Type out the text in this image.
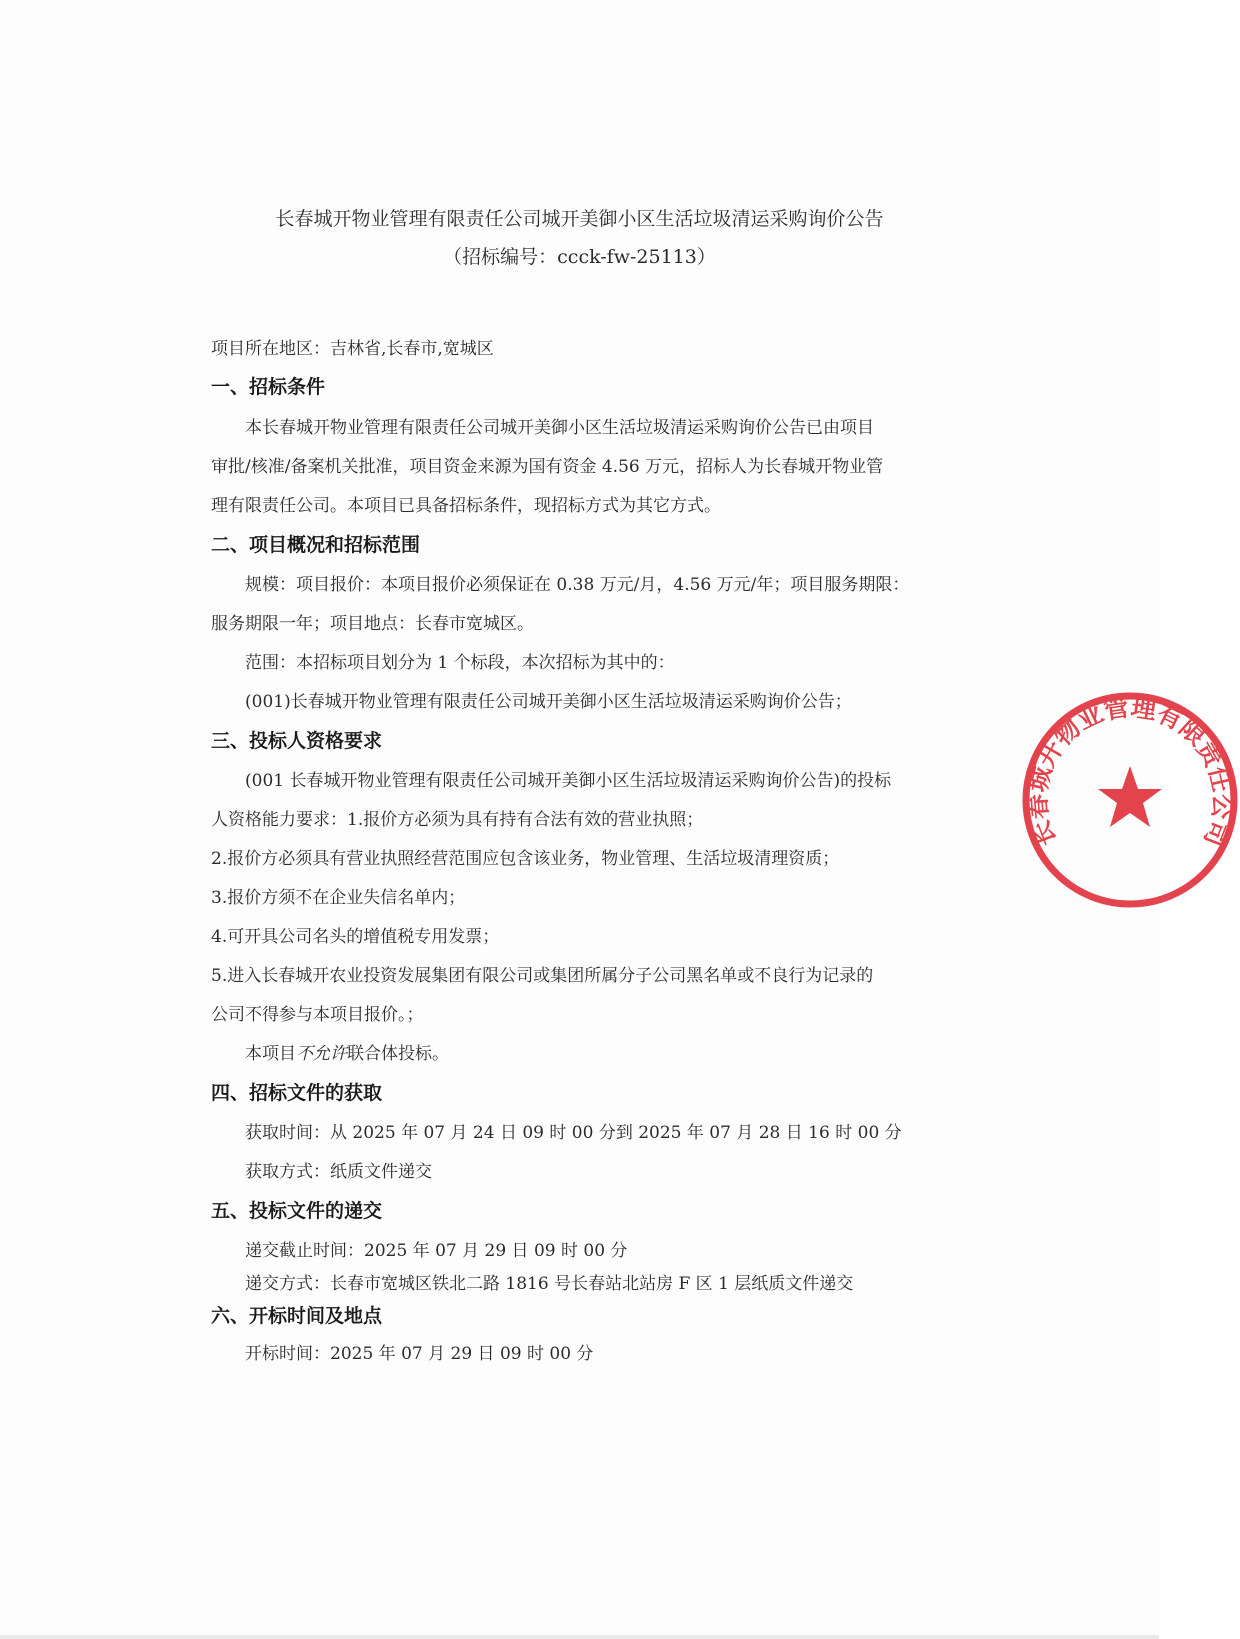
长春城开物业管理有限责任公司城开美御小区生活垃圾清运采购询价公告
（招标编号：ccck-fw-25113）
项目所在地区：吉林省,长春市,宽城区
一、招标条件
本长春城开物业管理有限责任公司城开美御小区生活垃圾清运采购询价公告已由项目
审批/核准/备案机关批准，项目资金来源为国有资金 4.56 万元，招标人为长春城开物业管
理有限责任公司。本项目已具备招标条件，现招标方式为其它方式。
二、项目概况和招标范围
规模：项目报价：本项目报价必须保证在 0.38 万元/月，4.56 万元/年；项目服务期限：
服务期限一年；项目地点：长春市宽城区。
范围：本招标项目划分为 1 个标段，本次招标为其中的：
(001)长春城开物业管理有限责任公司城开美御小区生活垃圾清运采购询价公告；
三、投标人资格要求
(001 长春城开物业管理有限责任公司城开美御小区生活垃圾清运采购询价公告)的投标
人资格能力要求：1.报价方必须为具有持有合法有效的营业执照；
2.报价方必须具有营业执照经营范围应包含该业务，物业管理、生活垃圾清理资质；
3.报价方须不在企业失信名单内；
4.可开具公司名头的增值税专用发票；
5.进入长春城开农业投资发展集团有限公司或集团所属分子公司黑名单或不良行为记录的
公司不得参与本项目报价。；
本项目不允许联合体投标。
四、招标文件的获取
获取时间：从 2025 年 07 月 24 日 09 时 00 分到 2025 年 07 月 28 日 16 时 00 分
获取方式：纸质文件递交
五、投标文件的递交
递交截止时间：2025 年 07 月 29 日 09 时 00 分
递交方式：长春市宽城区铁北二路 1816 号长春站北站房 F 区 1 层纸质文件递交
六、开标时间及地点
开标时间：2025 年 07 月 29 日 09 时 00 分
长春城开物业管理有限责任公司
